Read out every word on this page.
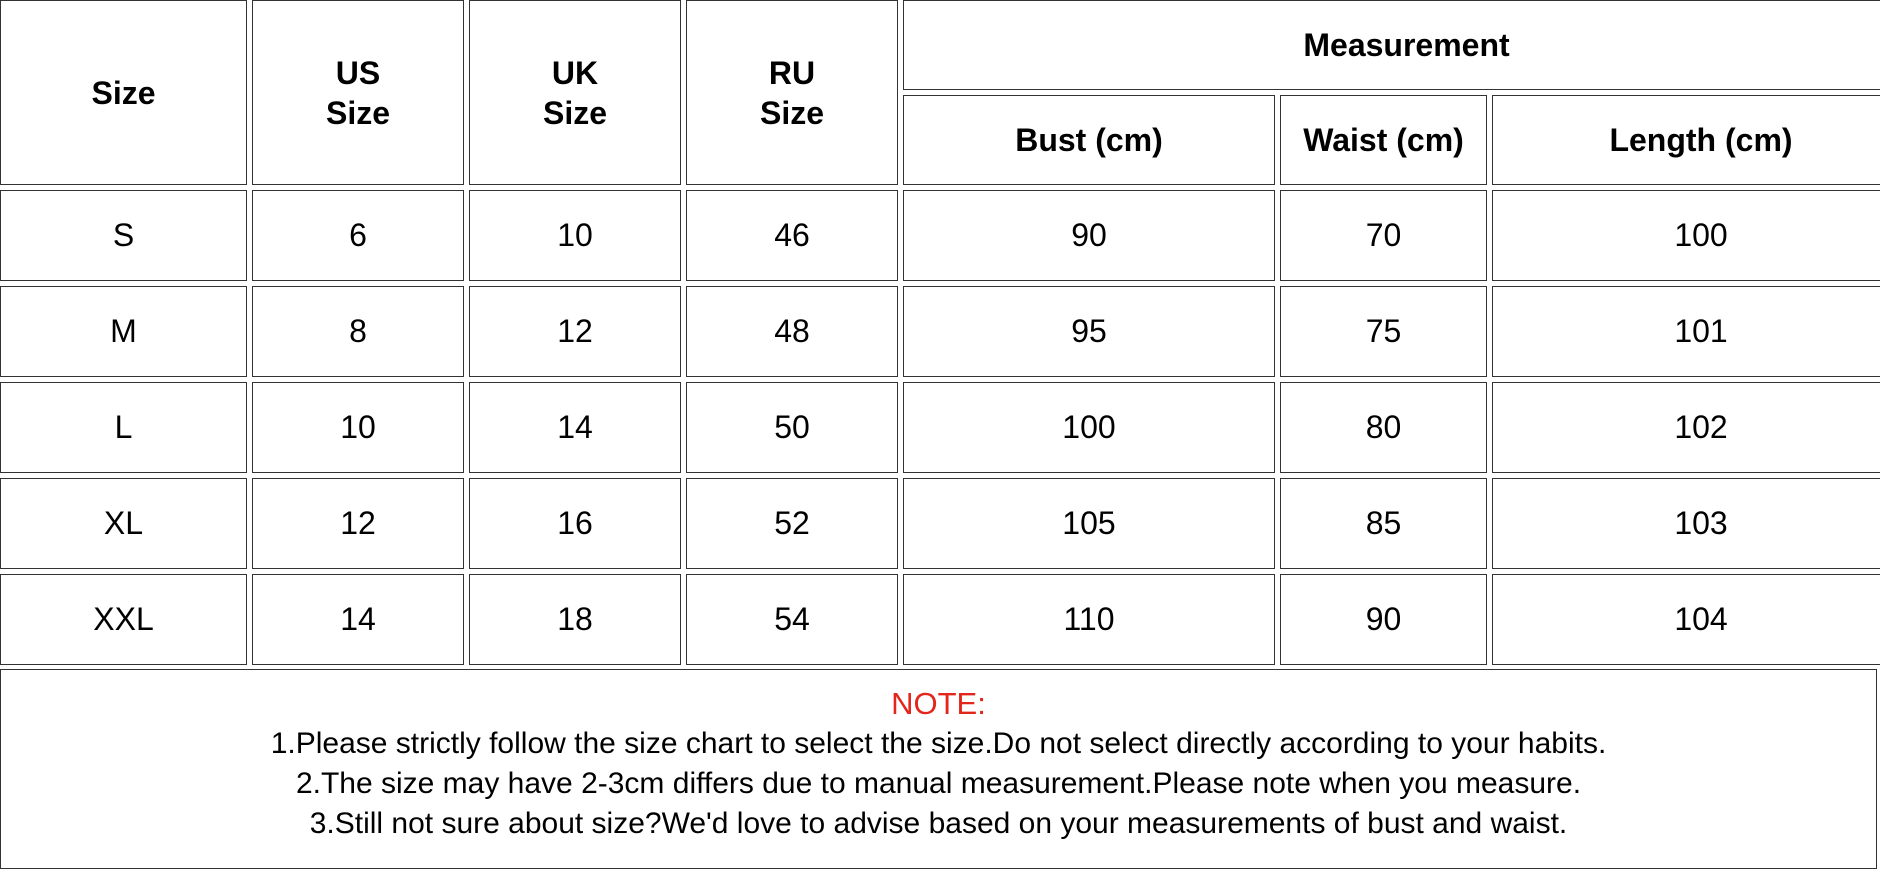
Size	US Size	UK Size	RU Size	Measurement		
				Bust (cm)	Waist (cm)	Length (cm)
S	6	10	46	90	70	100
M	8	12	48	95	75	101
L	10	14	50	100	80	102
XL	12	16	52	105	85	103
XXL	14	18	54	110	90	104
NOTE:
1.Please strictly follow the size chart to select the size.Do not select directly according to your habits.
2.The size may have 2-3cm differs due to manual measurement.Please note when you measure.
3.Still not sure about size?We'd love to advise based on your measurements of bust and waist.
